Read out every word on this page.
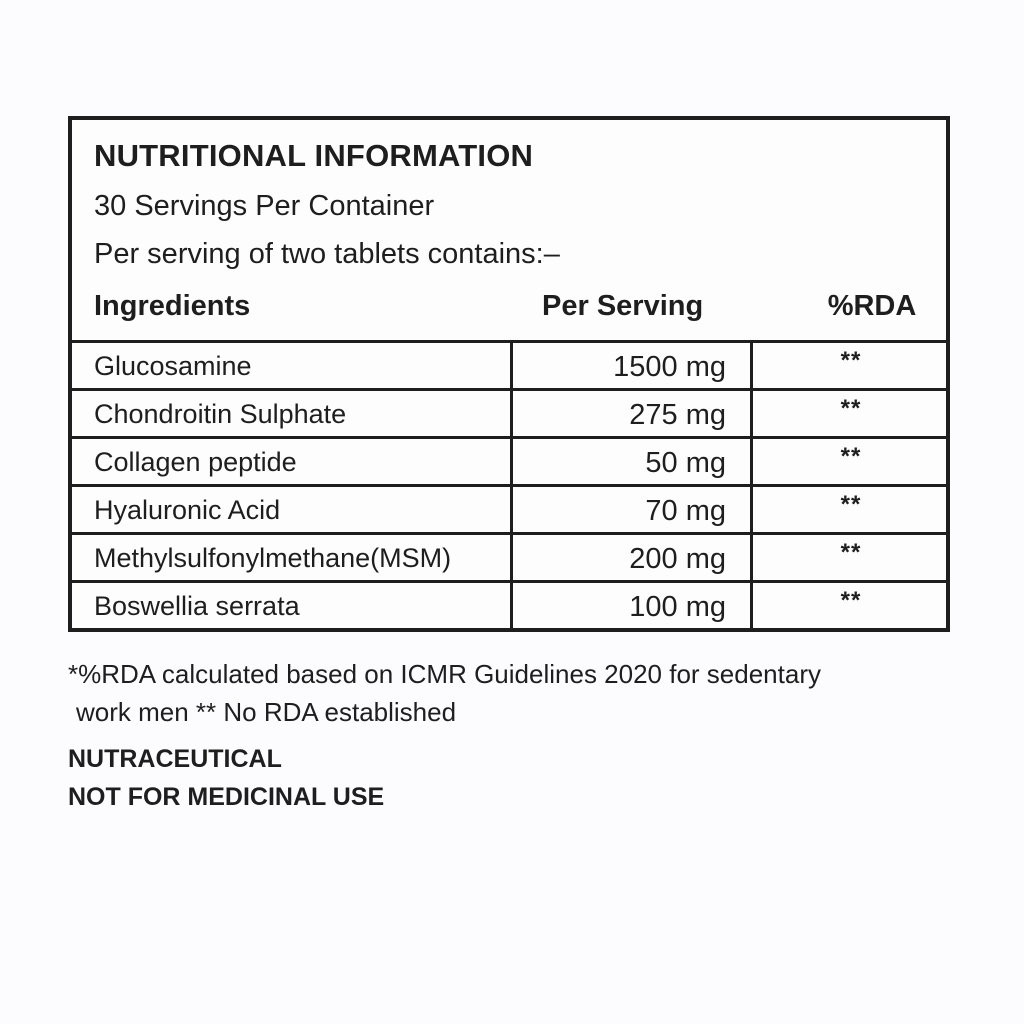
NUTRITIONAL INFORMATION
30 Servings Per Container
Per serving of two tablets contains:–
Ingredients	Per Serving	%RDA
Glucosamine	1500 mg	**
Chondroitin Sulphate	275 mg	**
Collagen peptide	50 mg	**
Hyaluronic Acid	70 mg	**
Methylsulfonylmethane(MSM)	200 mg	**
Boswellia serrata	100 mg	**
*%RDA calculated based on ICMR Guidelines 2020 for sedentary
work men ** No RDA established
NUTRACEUTICAL
NOT FOR MEDICINAL USE
